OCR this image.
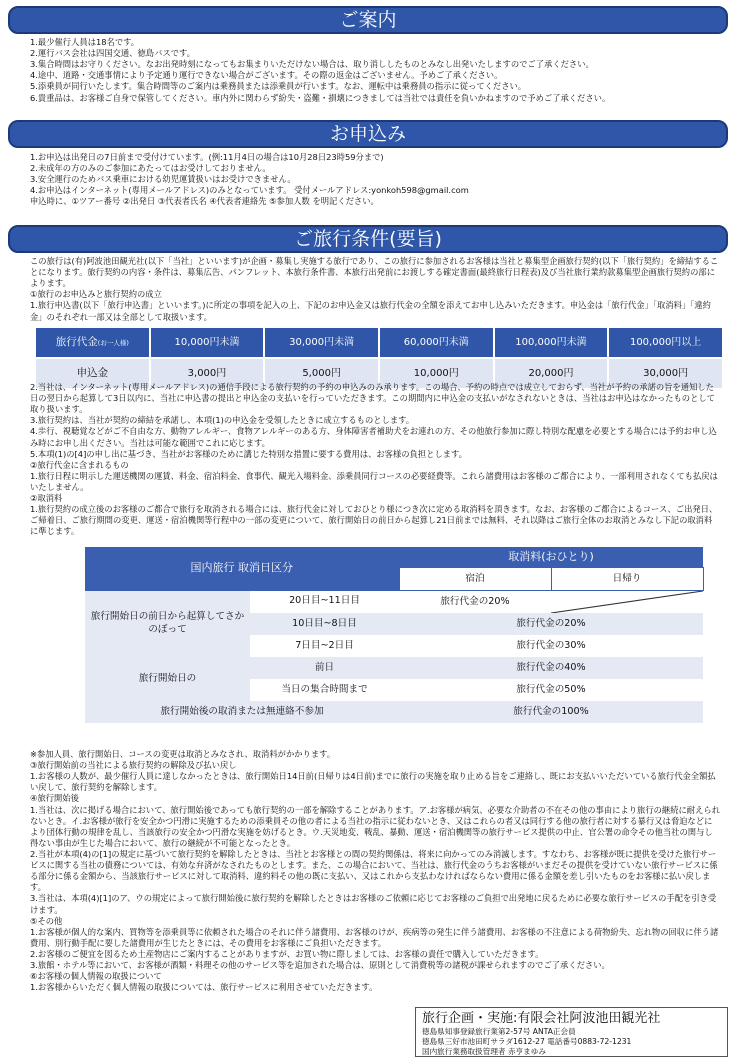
ご案内

1.最少催行人員は18名です。

2.運行バス会社は四国交通、徳島バスです。

3.集合時間はお守りください。なお出発時刻になってもお集まりいただけない場合は、取り消ししたものとみなし出発いたしますのでご了承ください。

4.途中、道路・交通事情により予定通り運行できない場合がございます。その際の返金はございません。予めご了承ください。

5.添乗員が同行いたします。集合時間等のご案内は乗務員または添乗員が行います。なお、運転中は乗務員の指示に従ってください。

6.貴重品は、お客様ご自身で保管してください。車内外に関わらず紛失・盗難・損壊につきましては当社では責任を負いかねますので予めご了承ください。

お申込み

1.お申込は出発日の7日前まで受付けています。(例:11月4日の場合は10月28日23時59分まで)

2.未成年の方のみのご参加にあたってはお受けしておりません。

3.安全運行のためバス乗車における幼児運賃扱いはお受けできません。

4.お申込はインターネット(専用メールアドレス)のみとなっています。 受付メールアドレス:yonkoh598@gmail.com

申込時に、①ツアー番号 ②出発日 ③代表者氏名 ④代表者連絡先 ⑤参加人数 を明記ください。

ご旅行条件(要旨)

この旅行は(有)阿波池田観光社(以下「当社」といいます)が企画・募集し実施する旅行であり、この旅行に参加されるお客様は当社と募集型企画旅行契約(以下「旅行契約」を締結することになります。旅行契約の内容・条件は、募集広告、パンフレット、本旅行条件書、本旅行出発前にお渡しする確定書面(最終旅行日程表)及び当社旅行業約款募集型企画旅行契約の部によります。

①旅行のお申込みと旅行契約の成立

1.旅行申込書(以下「旅行申込書」といいます。)に所定の事項を記入の上、下記のお申込金又は旅行代金の全額を添えてお申し込みいただきます。申込金は「旅行代金」「取消料」「違約金」のそれぞれ一部又は全部として取扱います。

旅行代金(お一人様)	10,000円未満	30,000円未満	60,000円未満	100,000円未満	100,000円以上
申込金	3,000円	5,000円	10,000円	20,000円	30,000円

2.当社は、インターネット(専用メールアドレス)の通信手段による旅行契約の予約の申込みのみ承ります。この場合、予約の時点では成立しておらず、当社が予約の承諾の旨を通知した日の翌日から起算して3日以内に、当社に申込書の提出と申込金の支払いを行っていただきます。この期間内に申込金の支払いがなされないときは、当社はお申込はなかったものとして取り扱います。

3.旅行契約は、当社が契約の締結を承諾し、本項(1)の申込金を受領したときに成立するものとします。

4.歩行、視聴覚などがご不自由な方、動物アレルギー、食物アレルギーのある方、身体障害者補助犬をお連れの方、その他旅行参加に際し特別な配慮を必要とする場合には予約お申し込み時にお申し出ください。当社は可能な範囲でこれに応じます。

5.本項(1)の[4]の申し出に基づき、当社がお客様のために講じた特別な措置に要する費用は、お客様の負担とします。

②旅行代金に含まれるもの

1.旅行日程に明示した運送機関の運賃、料金、宿泊料金、食事代、観光入場料金、添乗員同行コースの必要経費等。これら諸費用はお客様のご都合により、一部利用されなくても払戻はいたしません。

②取消料

1.旅行契約の成立後のお客様のご都合で旅行を取消される場合には、旅行代金に対しておひとり様につき次に定める取消料を頂きます。なお、お客様のご都合によるコース、ご出発日、ご帰着日、ご旅行期間の変更、運送・宿泊機関等行程中の一部の変更について、旅行開始日の前日から起算し21日前までは無料、それ以降はご旅行全体のお取消とみなし下記の取消料に準じます。

国内旅行 取消日区分		取消料(おひとり)	
		宿泊	日帰り
旅行開始日の前日から起算してさかのぼって	20日目~11日目	旅行代金の20%	

	10日目~8日目	旅行代金の20%	
	7日目~2日目	旅行代金の30%	
旅行開始日の	前日	旅行代金の40%	
	当日の集合時間まで	旅行代金の50%	
旅行開始後の取消または無連絡不参加		旅行代金の100%	

※参加人員、旅行開始日、コースの変更は取消とみなされ、取消料がかかります。

③旅行開始前の当社による旅行契約の解除及び払い戻し

1.お客様の人数が、最少催行人員に達しなかったときは、旅行開始日14日前(日帰りは4日前)までに旅行の実施を取り止める旨をご連絡し、既にお支払いいただいている旅行代金全額払い戻して、旅行契約を解除します。

④旅行開始後

1.当社は、次に掲げる場合において、旅行開始後であっても旅行契約の一部を解除することがあります。ア.お客様が病気、必要な介助者の不在その他の事由により旅行の継続に耐えられないとき。イ.お客様が旅行を安全かつ円滑に実施するための添乗員その他の者による当社の指示に従わないとき、又はこれらの者又は同行する他の旅行者に対する暴行又は脅迫などにより団体行動の規律を乱し、当該旅行の安全かつ円滑な実施を妨げるとき。ウ.天災地変、戦乱、暴動、運送・宿泊機関等の旅行サービス提供の中止、官公署の命令その他当社の関与し得ない事由が生じた場合において、旅行の継続が不可能となったとき。

2.当社が本項(4)の[1]の規定に基づいて旅行契約を解除したときは、当社とお客様との間の契約関係は、将来に向かってのみ消滅します。すなわち、お客様が既に提供を受けた旅行サービスに関する当社の債務については、有効な弁済がなされたものとします。また、この場合において、当社は、旅行代金のうちお客様がいまだその提供を受けていない旅行サービスに係る部分に係る金額から、当該旅行サービスに対して取消料、違約料その他の既に支払い、又はこれから支払わなければならない費用に係る金額を差し引いたものをお客様に払い戻します。

3.当社は、本項(4)[1]のア、ウの規定によって旅行開始後に旅行契約を解除したときはお客様のご依頼に応じてお客様のご負担で出発地に戻るために必要な旅行サービスの手配を引き受けます。

⑤その他

1.お客様が個人的な案内、買物等を添乗員等に依頼された場合のそれに伴う諸費用、お客様のけが、疾病等の発生に伴う諸費用、お客様の不注意による荷物紛失、忘れ物の回収に伴う諸費用、別行動手配に要した諸費用が生じたときには、その費用をお客様にご負担いただきます。

2.お客様のご便宜を図るため土産物店にご案内することがありますが、お買い物に際しましては、お客様の責任で購入していただきます。

3.旅館・ホテル等において、お客様が酒類・料理その他のサービス等を追加された場合は、原則として消費税等の諸税が課せられますのでご了承ください。

⑥お客様の個人情報の取扱について

1.お客様からいただく個人情報の取扱については、旅行サービスに利用させていただきます。

旅行企画・実施:有限会社阿波池田観光社
徳島県知事登録旅行業第2-57号 ANTA正会員
徳島県三好市池田町サラダ1612-27 電話番号0883-72-1231
国内旅行業務取扱管理者 赤亨まゆみ
